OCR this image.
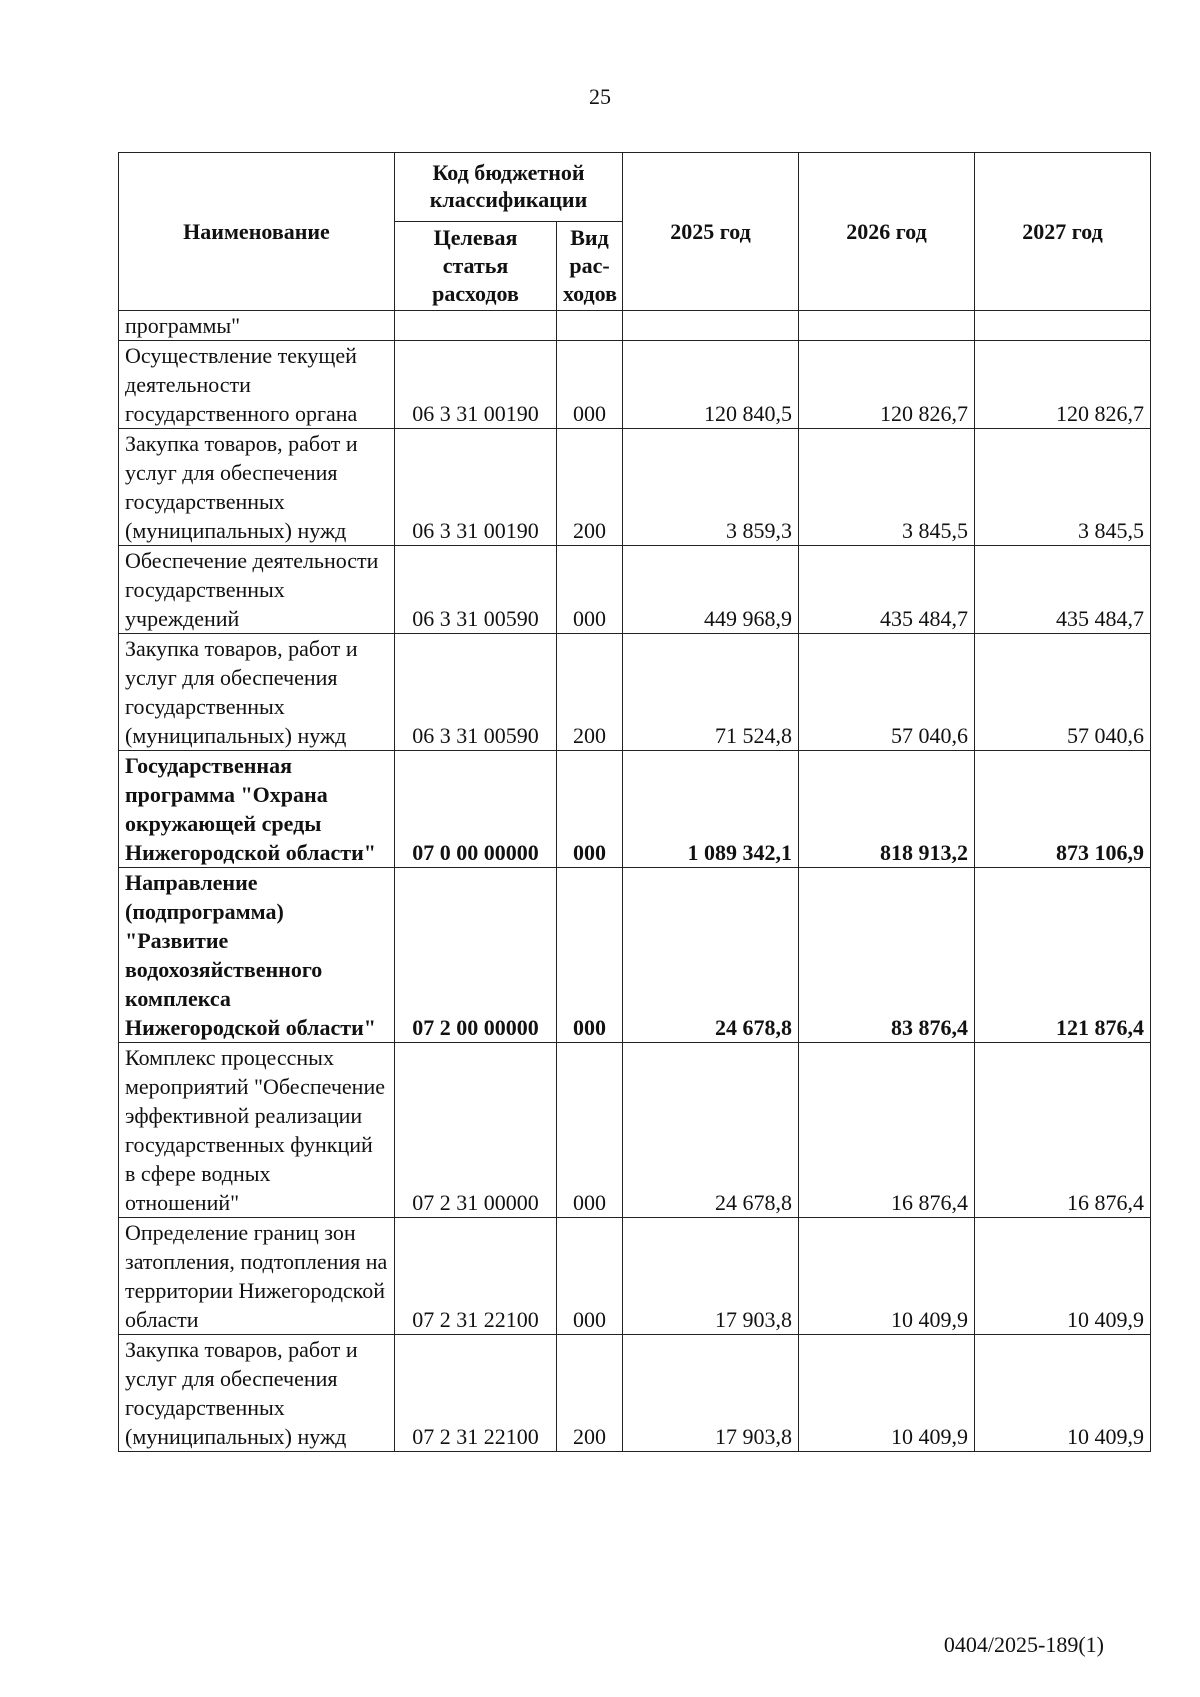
25
Наименование	Код бюджетной классификации		2025 год	2026 год	2027 год
	Целевая статья расходов	Вид рас-ходов			
программы"					
Осуществление текущей деятельности государственного органа	06 3 31 00190	000	120 840,5	120 826,7	120 826,7
Закупка товаров, работ и услуг для обеспечения государственных (муниципальных) нужд	06 3 31 00190	200	3 859,3	3 845,5	3 845,5
Обеспечение деятельности государственных учреждений	06 3 31 00590	000	449 968,9	435 484,7	435 484,7
Закупка товаров, работ и услуг для обеспечения государственных (муниципальных) нужд	06 3 31 00590	200	71 524,8	57 040,6	57 040,6
Государственная программа "Охрана окружающей среды Нижегородской области"	07 0 00 00000	000	1 089 342,1	818 913,2	873 106,9
Направление (подпрограмма) "Развитие водохозяйственного комплекса Нижегородской области"	07 2 00 00000	000	24 678,8	83 876,4	121 876,4
Комплекс процессных мероприятий "Обеспечение эффективной реализации государственных функций в сфере водных отношений"	07 2 31 00000	000	24 678,8	16 876,4	16 876,4
Определение границ зон затопления, подтопления на территории Нижегородской области	07 2 31 22100	000	17 903,8	10 409,9	10 409,9
Закупка товаров, работ и услуг для обеспечения государственных (муниципальных) нужд	07 2 31 22100	200	17 903,8	10 409,9	10 409,9
0404/2025-189(1)
